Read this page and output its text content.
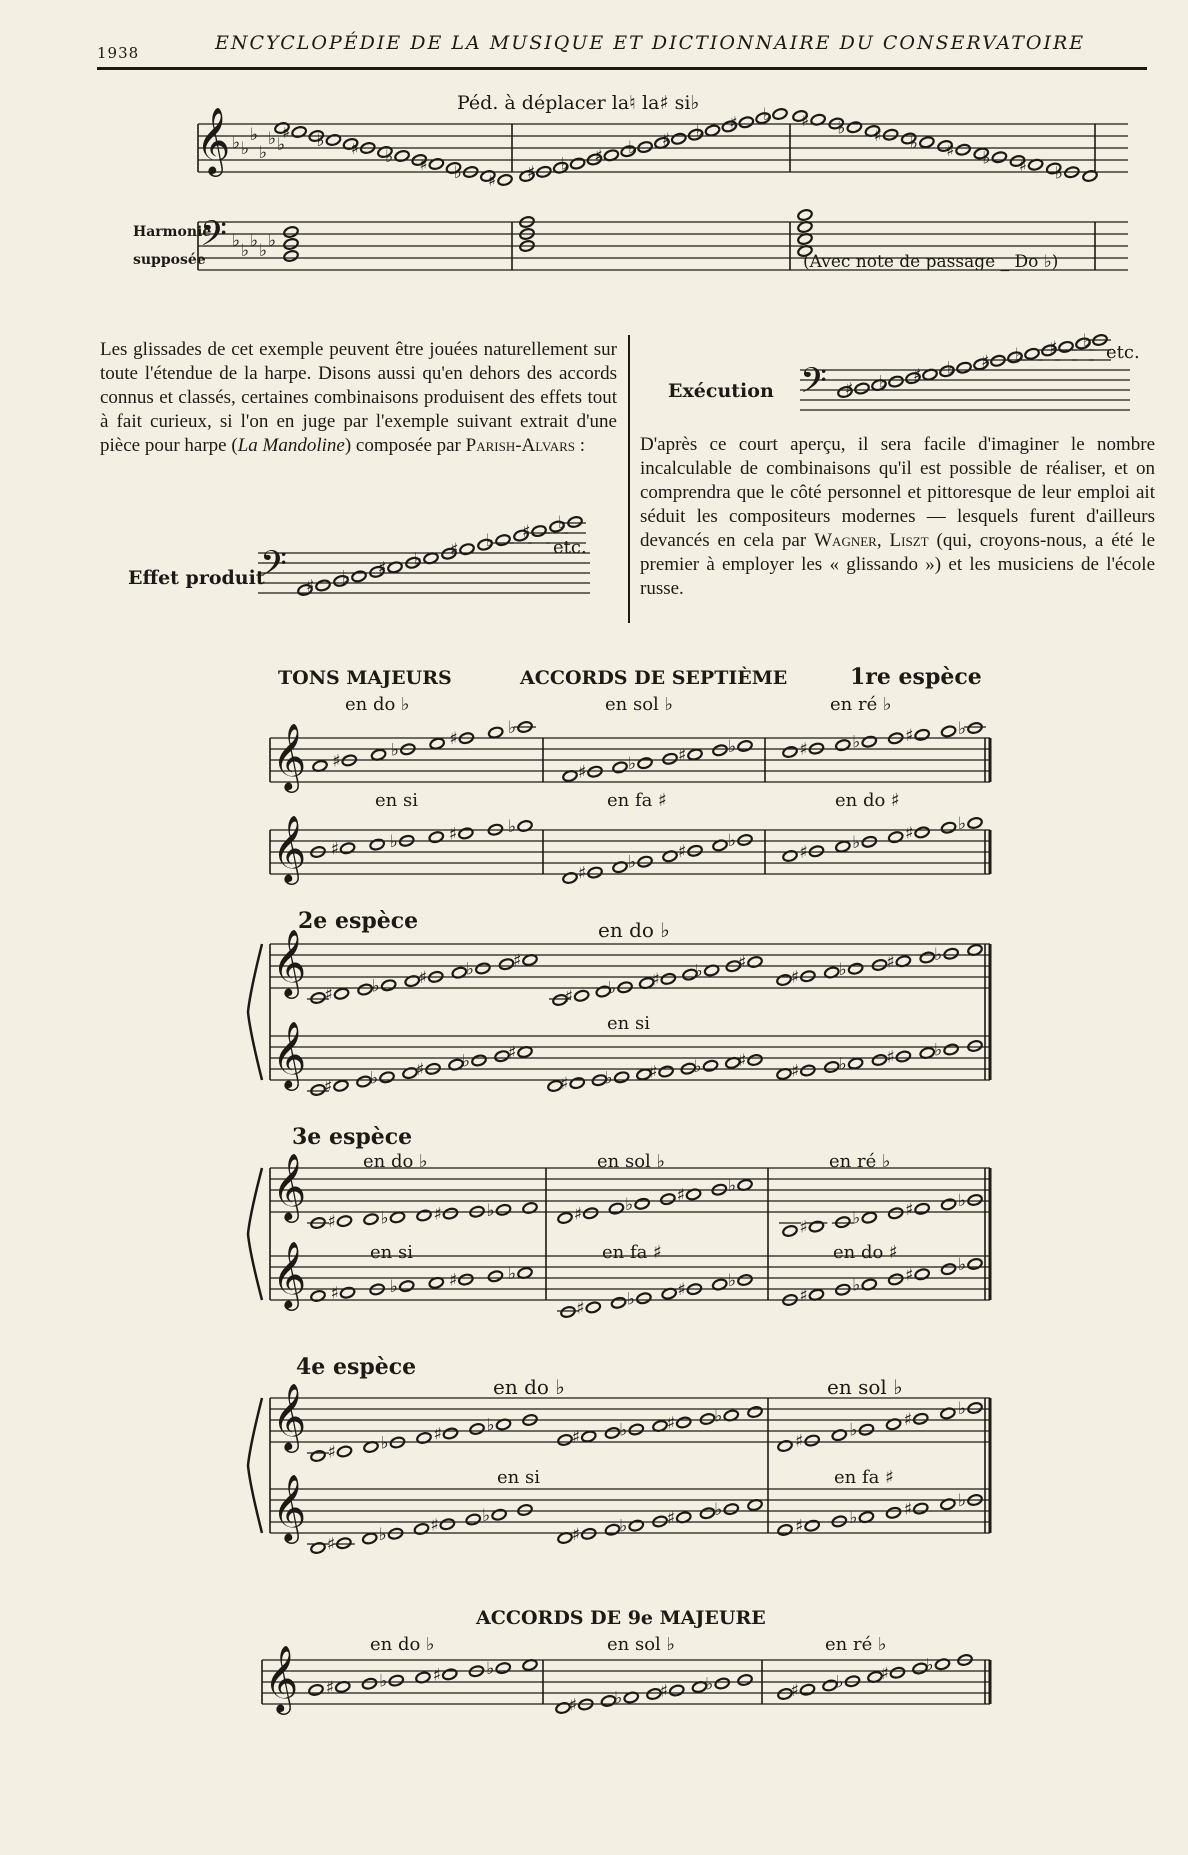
1938	ENCYCLOPÉDIE DE LA MUSIQUE ET DICTIONNAIRE DU CONSERVATOIRE
𝄞 ♭ ♭
♭
♭
♭ ♭
♯ ♭ ♯ ♭ ♯ ♭ ♯ ♯ ♭ ♯ ♭ ♯ ♭ ♯ ♭ ♯ ♭ ♯ ♭ ♯ ♭ ♯ ♭
𝄢 ♭ ♭ ♭ ♭ ♭
𝄢 ♯ ♭ ♯ ♭ ♯ ♭ ♯ ♭
𝄢 ♯ ♭ ♯ ♭ ♯ ♭ ♯ ♭
𝄞
𝄞
♯
♭
♯
♭
♯ ♭ ♯ ♭	♯	♭	♯	♭
♯	♭	♯	♭
♯
♭
♯
♭
♯	♭	♯	♭
𝄞
𝄞
♯ ♭ ♯ ♭ ♯
♯ ♭ ♯ ♭ ♯
♯ ♭ ♯ ♭
♯ ♭ ♯ ♭ ♯
♯ ♭ ♯ ♭ ♯
♯ ♭ ♯ ♭
𝄞
𝄞
♯	♭	♯	♭	♯	♭	♯	♭
♯	♭	♯	♭
♯	♭	♯	♭
♯ ♭	♯ ♭
♯
♭
♯
♭
𝄞
𝄞
♯	♭	♯	♭
♯ ♭ ♯ ♭
♯
♭
♯
♭
♯	♭	♯	♭
♯ ♭ ♯ ♭
♯	♭	♯	♭
𝄞 ♯	♭	♯	♭
♯ ♭ ♯ ♭	♯ ♭ ♯ ♭
Péd. à déplacer la♮ la♯ si♭
Harmonie
supposée	(Avec note de passage _ Do ♭)
Les glissades de cet exemple peuvent être jouées naturellement sur toute l'étendue de la harpe. Disons aussi qu'en dehors des accords connus et classés, certaines combinaisons produisent des effets tout à fait curieux, si l'on en juge par l'exemple suivant extrait d'une pièce pour harpe (La Mandoline) composée par Parish-Alvars :
Effet produit
etc.
Exécution
etc.
D'après ce court aperçu, il sera facile d'imaginer le nombre incalculable de combinaisons qu'il est possible de réaliser, et on comprendra que le côté personnel et pittoresque de leur emploi ait séduit les compositeurs modernes — lesquels furent d'ailleurs devancés en cela par Wagner, Liszt (qui, croyons-nous, a été le premier à employer les « glissando ») et les musiciens de l'école russe.
TONS MAJEURS	ACCORDS DE SEPTIÈME	1re espèce
en do ♭	en sol ♭	en ré ♭
en si	en fa ♯	en do ♯
2e espèce	en do ♭
en si
3e espèce
en do ♭	en sol ♭	en ré ♭
en si	en fa ♯	en do ♯
4e espèce
en do ♭	en sol ♭
en si	en fa ♯
ACCORDS DE 9e MAJEURE
en do ♭	en sol ♭	en ré ♭
